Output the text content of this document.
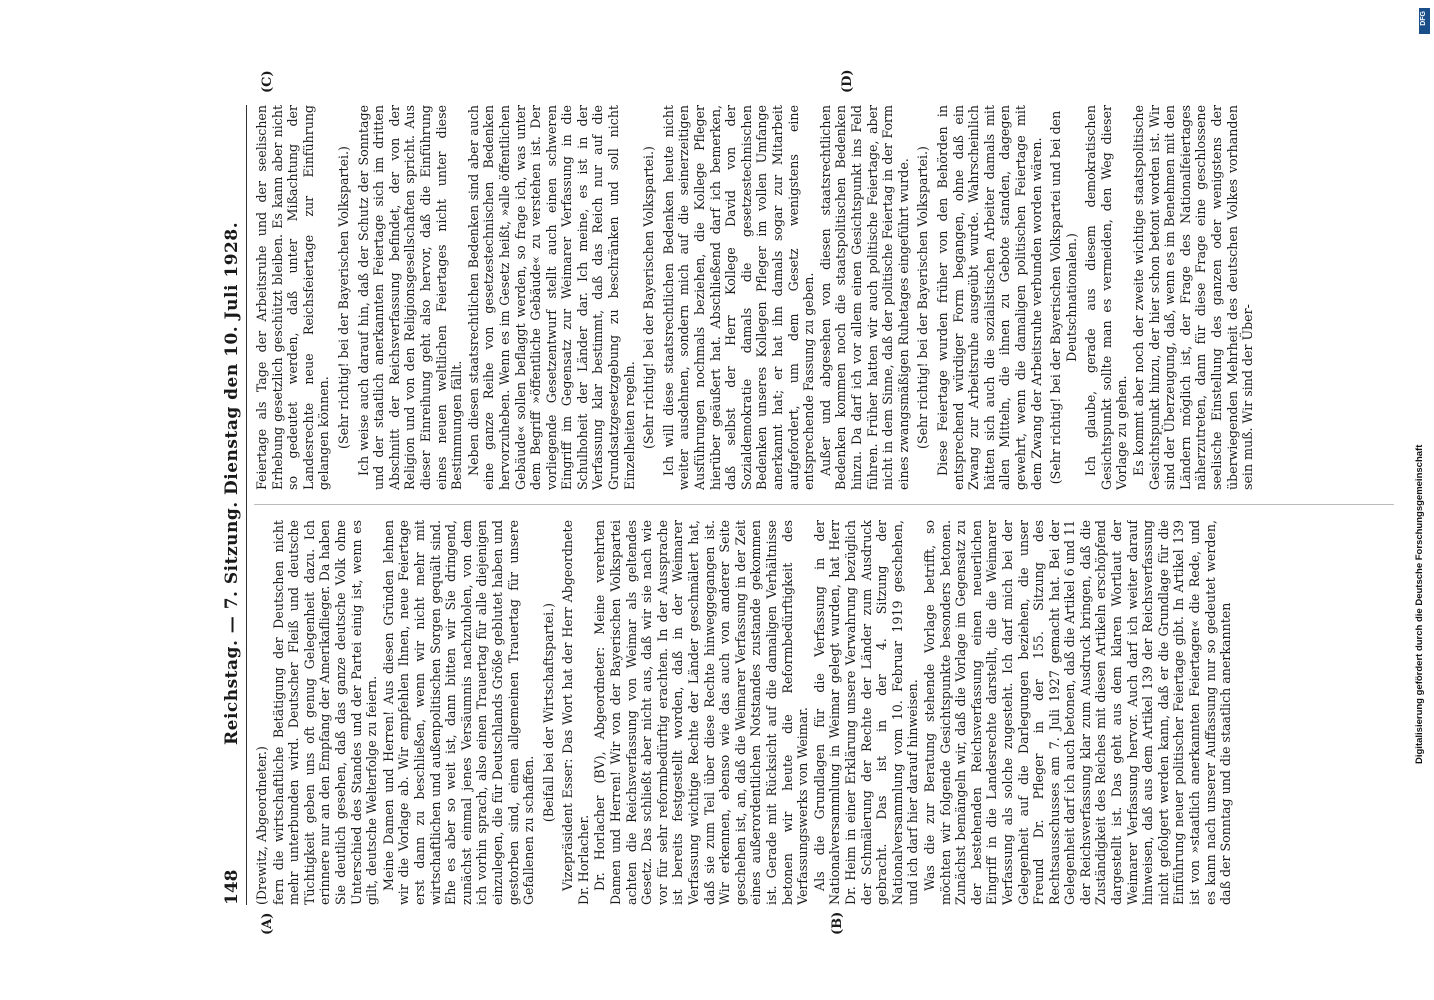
148
Reichstag. — 7. Sitzung. Dienstag den 10. Juli 1928.
(A)	(B)
(C)	(D)

(Drewitz, Abgeordneter.) fern die wirtschaftliche Betätigung der Deutschen nicht mehr unterbunden wird. Deutscher Fleiß und deutsche Tüchtigkeit geben uns oft genug Gelegenheit dazu. Ich erinnere nur an den Empfang der Amerikaflieger. Da haben Sie deutlich gesehen, daß das ganze deutsche Volk ohne Unterschied des Standes und der Partei einig ist, wenn es gilt, deutsche Welterfolge zu feiern. Meine Damen und Herren! Aus diesen Gründen lehnen wir die Vorlage ab. Wir empfehlen Ihnen, neue Feiertage erst dann zu beschließen, wenn wir nicht mehr mit wirtschaftlichen und außenpolitischen Sorgen gequält sind. Ehe es aber so weit ist, dann bitten wir Sie dringend, zunächst einmal jenes Versäumnis nachzuholen, von dem ich vorhin sprach, also einen Trauertag für alle diejenigen einzulegen, die für Deutschlands Größe geblutet haben und gestorben sind, einen allgemeinen Trauertag für unsere Gefallenen zu schaffen.

(Beifall bei der Wirtschaftspartei.) Vizepräsident Esser: Das Wort hat der Herr Abgeordnete Dr. Horlacher. Dr. Horlacher (BV), Abgeordneter: Meine verehrten Damen und Herren! Wir von der Bayerischen Volkspartei achten die Reichsverfassung von Weimar als geltendes Gesetz. Das schließt aber nicht aus, daß wir sie nach wie vor für sehr reformbedürftig erachten. In der Aussprache ist bereits festgestellt worden, daß in der Weimarer Verfassung wichtige Rechte der Länder geschmälert hat, daß sie zum Teil über diese Rechte hinweggegangen ist. Wir erkennen, ebenso wie das auch von anderer Seite geschehen ist, an, daß die Weimarer Verfassung in der Zeit eines außerordentlichen Notstandes zustande gekommen ist. Gerade mit Rücksicht auf die damaligen Verhältnisse betonen wir heute die Reformbedürftigkeit des Verfassungswerks von Weimar. Als die Grundlagen für die Verfassung in der Nationalversammlung in Weimar gelegt wurden, hat Herr Dr. Heim in einer Erklärung unsere Verwahrung bezüglich der Schmälerung der Rechte der Länder zum Ausdruck gebracht. Das ist in der 4. Sitzung der Nationalversammlung vom 10. Februar 1919 geschehen, und ich darf hier darauf hinweisen. Was die zur Beratung stehende Vorlage betrifft, so möchten wir folgende Gesichtspunkte besonders betonen. Zunächst bemängeln wir, daß die Vorlage im Gegensatz zu der bestehenden Reichsverfassung einen neuerlichen Eingriff in die Landesrechte darstellt, die die Weimarer Verfassung als solche zugesteht. Ich darf mich bei der Gelegenheit auf die Darlegungen beziehen, die unser Freund Dr. Pfleger in der 155. Sitzung des Rechtsausschusses am 7. Juli 1927 gemacht hat. Bei der Gelegenheit darf ich auch betonen, daß die Artikel 6 und 11 der Reichsverfassung klar zum Ausdruck bringen, daß die Zuständigkeit des Reiches mit diesen Artikeln erschöpfend dargestellt ist. Das geht aus dem klaren Wortlaut der Weimarer Verfassung hervor. Auch darf ich weiter darauf hinweisen, daß aus dem Artikel 139 der Reichsverfassung nicht gefolgert werden kann, daß er die Grundlage für die Einführung neuer politischer Feiertage gibt. In Artikel 139 ist von »staatlich anerkannten Feiertagen« die Rede, und es kann nach unserer Auffassung nur so gedeutet werden, daß der Sonntag und die staatlich anerkannten

Feiertage als Tage der Arbeitsruhe und der seelischen Erhebung gesetzlich geschützt bleiben. Es kann aber nicht so gedeutet werden, daß unter Mißachtung der Landesrechte neue Reichsfeiertage zur Einführung gelangen können. (Sehr richtig! bei der Bayerischen Volkspartei.) Ich weise auch darauf hin, daß der Schutz der Sonntage und der staatlich anerkannten Feiertage sich im dritten Abschnitt der Reichsverfassung befindet, der von der Religion und von den Religionsgesellschaften spricht. Aus dieser Einreihung geht also hervor, daß die Einführung eines neuen weltlichen Feiertages nicht unter diese Bestimmungen fällt. Neben diesen staatsrechtlichen Bedenken sind aber auch eine ganze Reihe von gesetzestechnischen Bedenken hervorzuheben. Wenn es im Gesetz heißt, »alle öffentlichen Gebäude« sollen beflaggt werden, so frage ich, was unter dem Begriff »öffentliche Gebäude« zu verstehen ist. Der vorliegende Gesetzentwurf stellt auch einen schweren Eingriff im Gegensatz zur Weimarer Verfassung in die Schulhoheit der Länder dar. Ich meine, es ist in der Verfassung klar bestimmt, daß das Reich nur auf die Grundsatzgesetzgebung zu beschränken und soll nicht Einzelheiten regeln. (Sehr richtig! bei der Bayerischen Volkspartei.) Ich will diese staatsrechtlichen Bedenken heute nicht weiter ausdehnen, sondern mich auf die seinerzeitigen Ausführungen nochmals beziehen, die Kollege Pfleger hierüber geäußert hat. Abschließend darf ich bemerken, daß selbst der Herr Kollege David von der Sozialdemokratie damals die gesetzestechnischen Bedenken unseres Kollegen Pfleger im vollen Umfange anerkannt hat; er hat ihn damals sogar zur Mitarbeit aufgefordert, um dem Gesetz wenigstens eine entsprechende Fassung zu geben. Außer und abgesehen von diesen staatsrechtlichen Bedenken kommen noch die staatspolitischen Bedenken hinzu. Da darf ich vor allem einen Gesichtspunkt ins Feld führen. Früher hatten wir auch politische Feiertage, aber nicht in dem Sinne, daß der politische Feiertag in der Form eines zwangsmäßigen Ruhetages eingeführt wurde. (Sehr richtig! bei der Bayerischen Volkspartei.) Diese Feiertage wurden früher von den Behörden in entsprechend würdiger Form begangen, ohne daß ein Zwang zur Arbeitsruhe ausgeübt wurde. Wahrscheinlich hätten sich auch die sozialistischen Arbeiter damals mit allen Mitteln, die ihnen zu Gebote standen, dagegen gewehrt, wenn die damaligen politischen Feiertage mit dem Zwang der Arbeitsruhe verbunden worden wären. (Sehr richtig! bei der Bayerischen Volkspartei und bei den Deutschnationalen.) Ich glaube, gerade aus diesem demokratischen Gesichtspunkt sollte man es vermeiden, den Weg dieser Vorlage zu gehen. Es kommt aber noch der zweite wichtige staatspolitische Gesichtspunkt hinzu, der hier schon betont worden ist. Wir sind der Überzeugung, daß, wenn es im Benehmen mit den Ländern möglich ist, der Frage des Nationalfeiertages näherzutreten, dann für diese Frage eine geschlossene seelische Einstellung des ganzen oder wenigstens der überwiegenden Mehrheit des deutschen Volkes vorhanden sein muß. Wir sind der Über-

DFG
Digitalisierung gefördert durch die Deutsche Forschungsgemeinschaft
